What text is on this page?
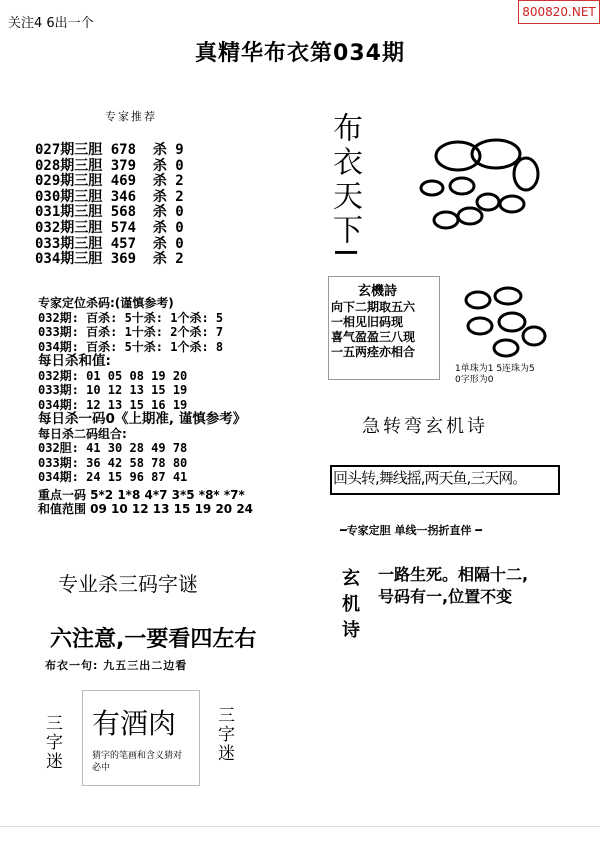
关注4 6出一个
800820.NET
真精华布衣第034期
专家推荐
027期三胆 678  杀 9
028期三胆 379  杀 0
029期三胆 469  杀 2
030期三胆 346  杀 2
031期三胆 568  杀 0
032期三胆 574  杀 0
033期三胆 457  杀 0
034期三胆 369  杀 2
专家定位杀码:(谨慎参考)
032期: 百杀: 5十杀: 1个杀: 5
033期: 百杀: 1十杀: 2个杀: 7
034期: 百杀: 5十杀: 1个杀: 8
每日杀和值:
032期: 01 05 08 19 20
033期: 10 12 13 15 19
034期: 12 13 15 16 19
每日杀一码0《上期准, 谨慎参考》
每日杀二码组合:
032胆: 41 30 28 49 78
033期: 36 42 58 78 80
034期: 24 15 96 87 41
重点一码 5*2 1*8 4*7 3*5 *8* *7*
和值范围 09 10 12 13 15 19 20 24
专业杀三码字谜
六注意,一要看四左右
布衣一句: 九五三出二边看
三字迷 有酒肉
猜字的笔画和含义猜对必中
三字迷
布衣天下I
玄機詩
向下二期取五六
一相见旧码现
喜气盈盈三八现
一五两痊亦相合
1单珠为1 5连珠为5
0字形为0
急转弯玄机诗
回头转,舞线摇,两天鱼,三天网。
━专家定胆 单线一拐折直伴 ━
玄机诗 一路生死。相隔十二,
号码有一,位置不变
